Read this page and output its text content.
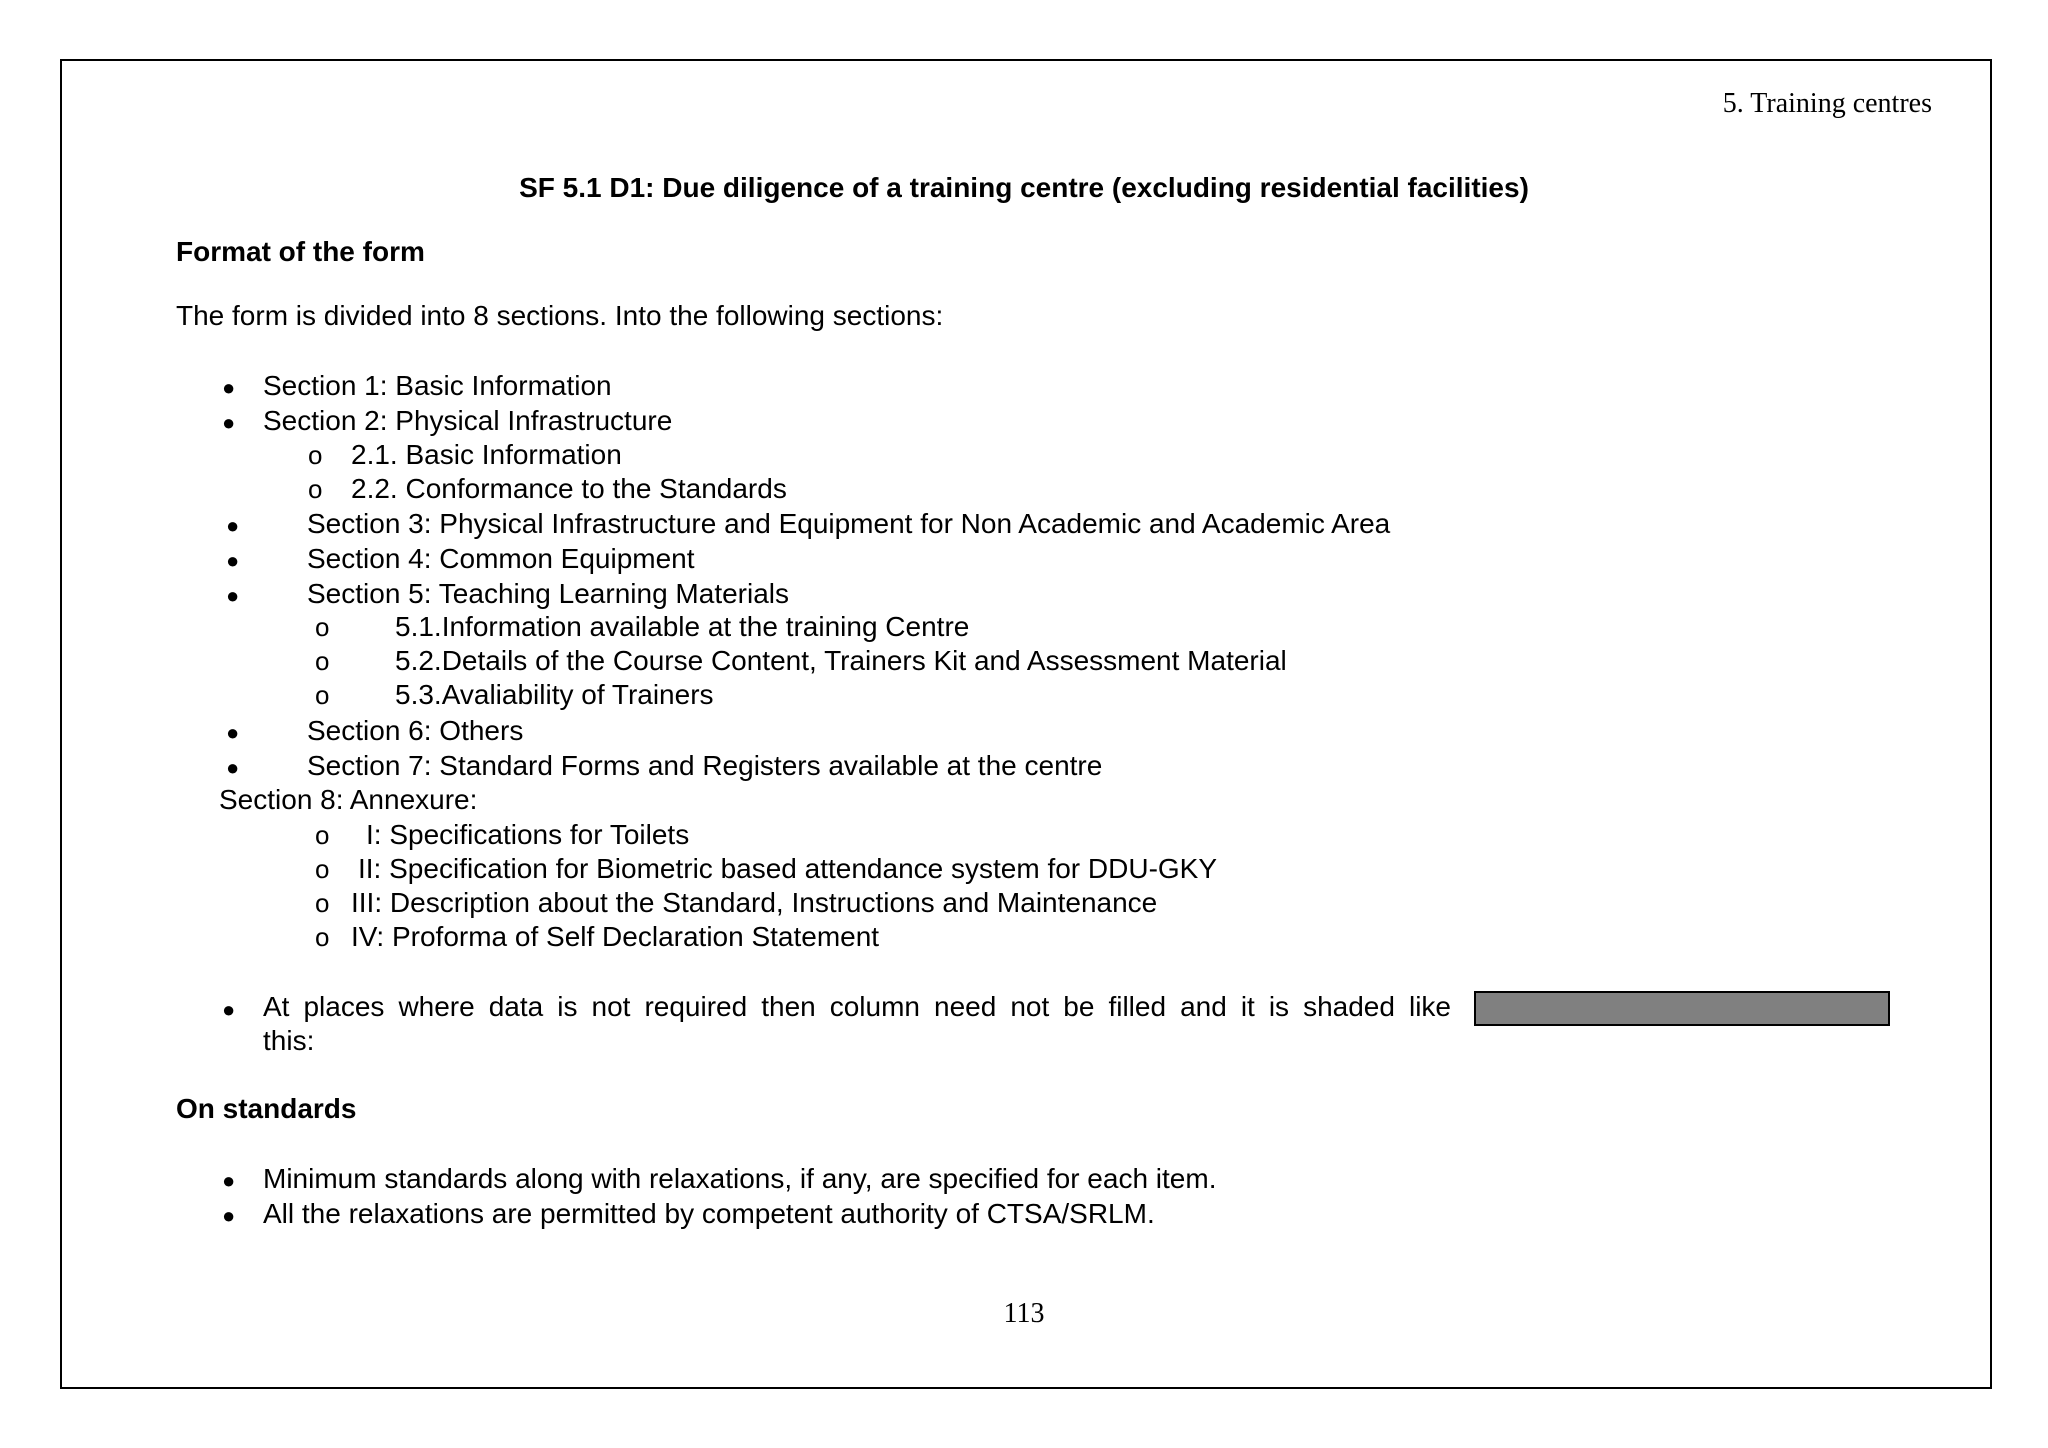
5. Training centres
SF 5.1 D1: Due diligence of a training centre (excluding residential facilities)
Format of the form
The form is divided into 8 sections. Into the following sections:
● Section 1: Basic Information
● Section 2: Physical Infrastructure
o 2.1. Basic Information
o 2.2. Conformance to the Standards
● Section 3: Physical Infrastructure and Equipment for Non Academic and Academic Area
● Section 4: Common Equipment
● Section 5: Teaching Learning Materials
o 5.1.Information available at the training Centre
o 5.2.Details of the Course Content, Trainers Kit and Assessment Material
o 5.3.Avaliability of Trainers
● Section 6: Others
● Section 7: Standard Forms and Registers available at the centre
Section 8: Annexure:
o I: Specifications for Toilets
o II: Specification for Biometric based attendance system for DDU-GKY
o III: Description about the Standard, Instructions and Maintenance
o IV: Proforma of Self Declaration Statement
● At places where data is not required then column need not be filled and it is shaded like
this:
On standards
● Minimum standards along with relaxations, if any, are specified for each item.
● All the relaxations are permitted by competent authority of CTSA/SRLM.
113
